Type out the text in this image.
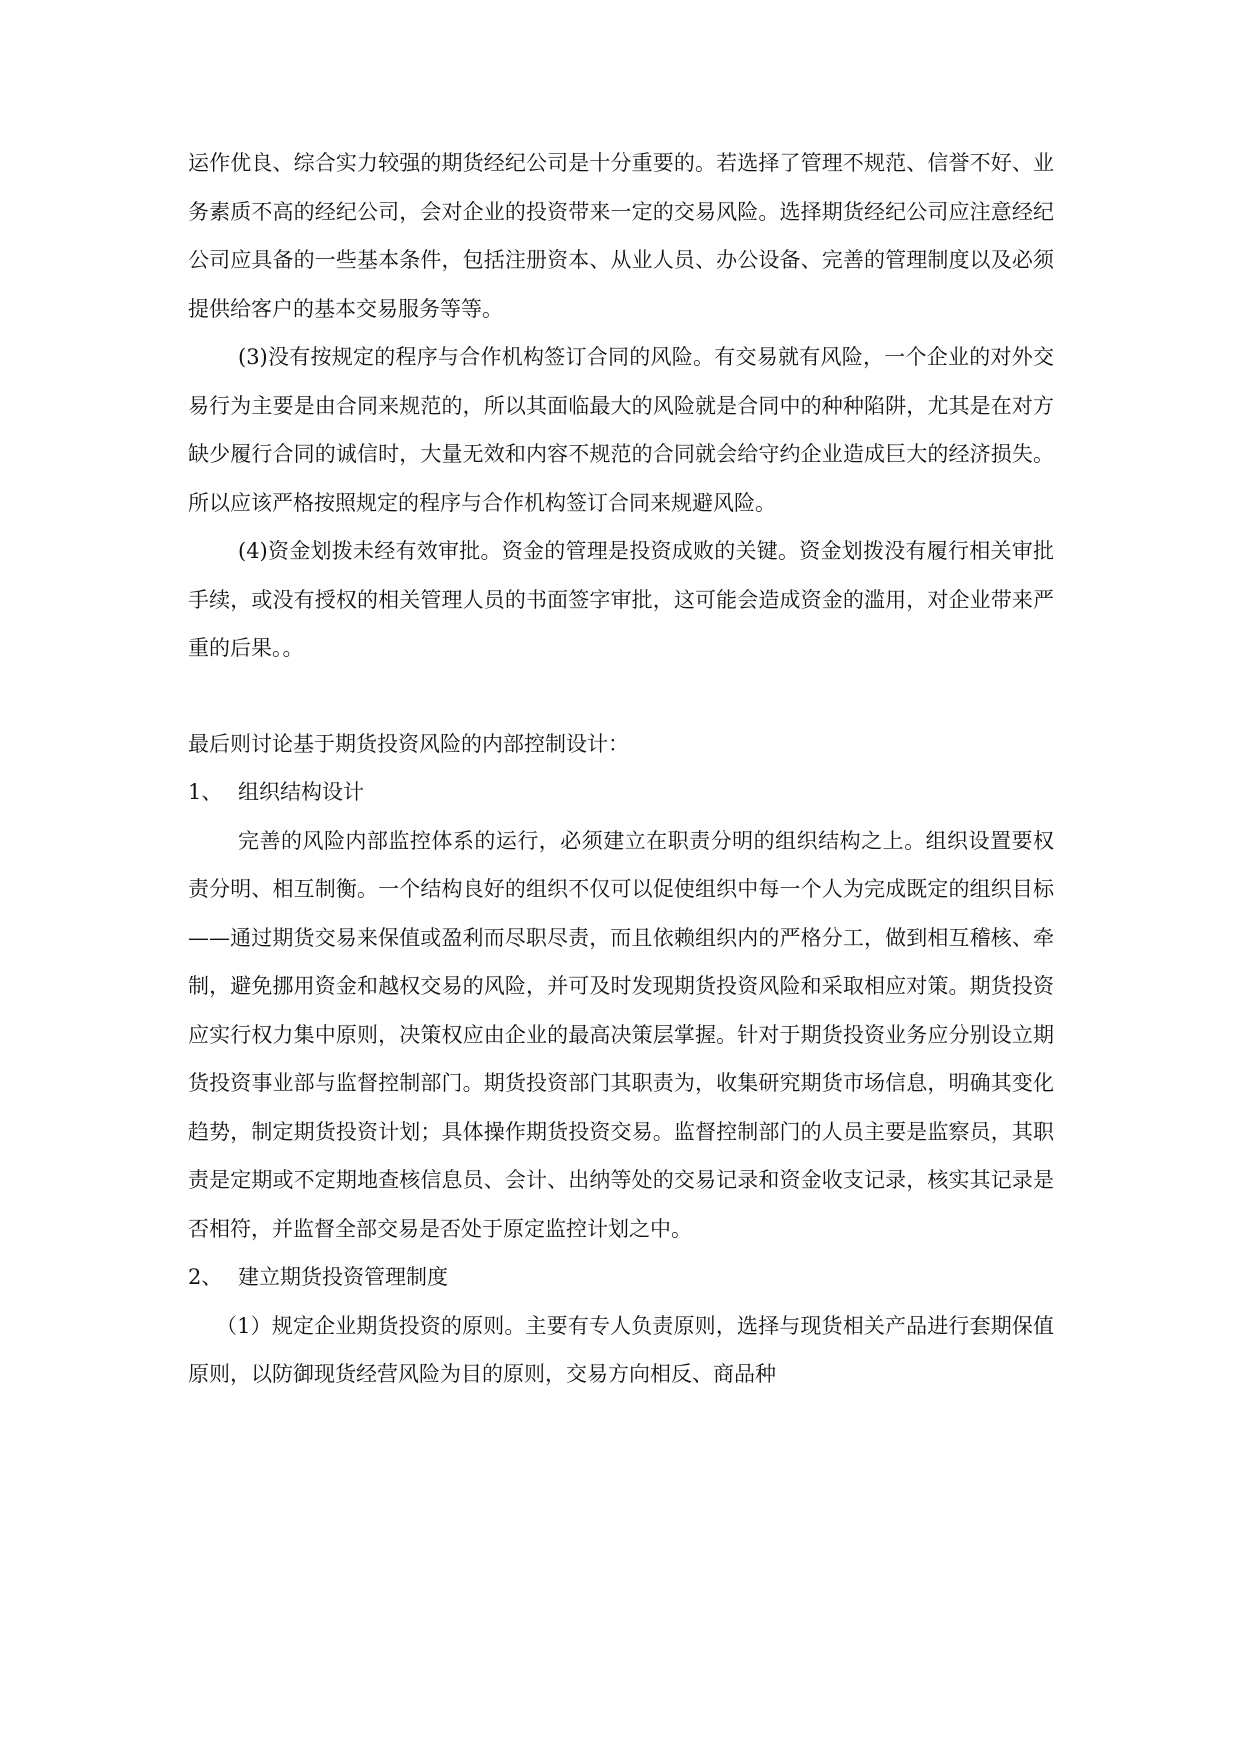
运作优良、综合实力较强的期货经纪公司是十分重要的。若选择了管理不规范、信誉不好、业务素质不高的经纪公司，会对企业的投资带来一定的交易风险。选择期货经纪公司应注意经纪公司应具备的一些基本条件，包括注册资本、从业人员、办公设备、完善的管理制度以及必须提供给客户的基本交易服务等等。

(3)没有按规定的程序与合作机构签订合同的风险。有交易就有风险，一个企业的对外交易行为主要是由合同来规范的，所以其面临最大的风险就是合同中的种种陷阱，尤其是在对方缺少履行合同的诚信时，大量无效和内容不规范的合同就会给守约企业造成巨大的经济损失。所以应该严格按照规定的程序与合作机构签订合同来规避风险。

(4)资金划拨未经有效审批。资金的管理是投资成败的关键。资金划拨没有履行相关审批手续，或没有授权的相关管理人员的书面签字审批，这可能会造成资金的滥用，对企业带来严重的后果。。

最后则讨论基于期货投资风险的内部控制设计：

1、 组织结构设计

完善的风险内部监控体系的运行，必须建立在职责分明的组织结构之上。组织设置要权责分明、相互制衡。一个结构良好的组织不仅可以促使组织中每一个人为完成既定的组织目标——通过期货交易来保值或盈利而尽职尽责，而且依赖组织内的严格分工，做到相互稽核、牵制，避免挪用资金和越权交易的风险，并可及时发现期货投资风险和采取相应对策。期货投资应实行权力集中原则，决策权应由企业的最高决策层掌握。针对于期货投资业务应分别设立期货投资事业部与监督控制部门。期货投资部门其职责为，收集研究期货市场信息，明确其变化趋势，制定期货投资计划；具体操作期货投资交易。监督控制部门的人员主要是监察员，其职责是定期或不定期地查核信息员、会计、出纳等处的交易记录和资金收支记录，核实其记录是否相符，并监督全部交易是否处于原定监控计划之中。

2、 建立期货投资管理制度

（1）规定企业期货投资的原则。主要有专人负责原则，选择与现货相关产品进行套期保值原则，以防御现货经营风险为目的原则，交易方向相反、商品种
